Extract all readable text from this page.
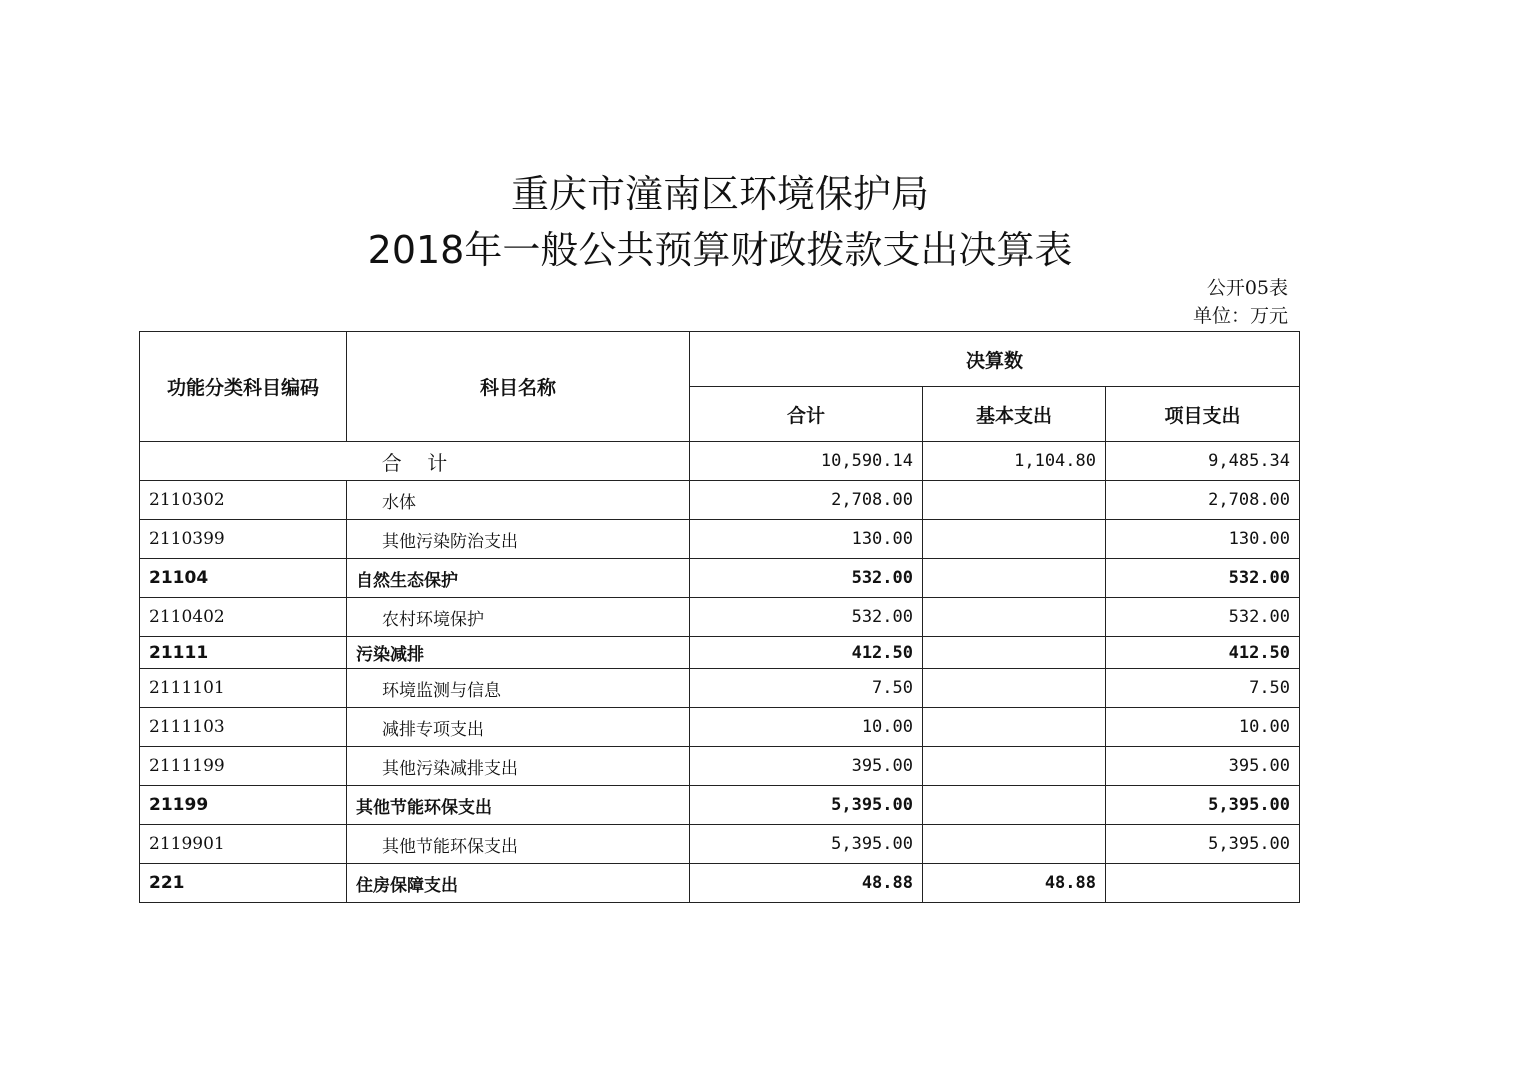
重庆市潼南区环境保护局
2018年一般公共预算财政拨款支出决算表
公开05表
单位：万元
功能分类科目编码	科目名称	决算数		
		合计	基本支出	项目支出
合    计		10,590.14	1,104.80	9,485.34
2110302	水体	2,708.00		2,708.00
2110399	其他污染防治支出	130.00		130.00
21104	自然生态保护	532.00		532.00
2110402	农村环境保护	532.00		532.00
21111	污染减排	412.50		412.50
2111101	环境监测与信息	7.50		7.50
2111103	减排专项支出	10.00		10.00
2111199	其他污染减排支出	395.00		395.00
21199	其他节能环保支出	5,395.00		5,395.00
2119901	其他节能环保支出	5,395.00		5,395.00
221	住房保障支出	48.88	48.88	
